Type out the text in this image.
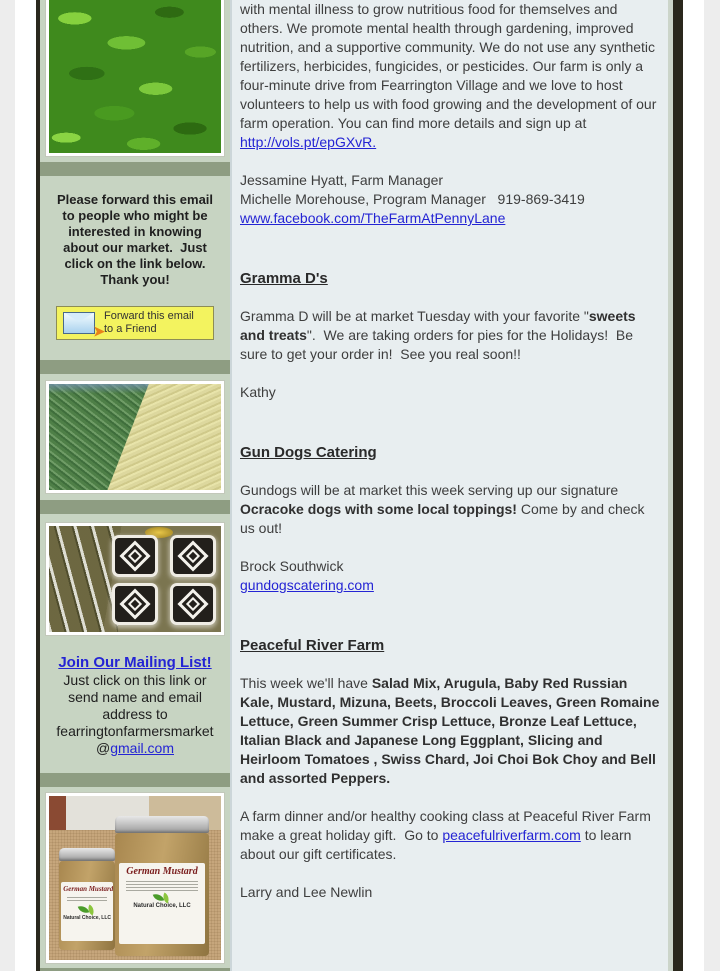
Please forward this email to people who might be interested in knowing about our market.  Just click on the link below.  Thank you!
➤
Forward this email
to a Friend
Join Our Mailing List!
Just click on this link or send name and email address to fearringtonfarmersmarket @gmail.com
German Mustard
Natural Choice, LLC
German Mustard
Natural Choice, LLC
with mental illness to grow nutritious food for themselves and others. We promote mental health through gardening, improved nutrition, and a supportive community. We do not use any synthetic fertilizers, herbicides, fungicides, or pesticides. Our farm is only a four-minute drive from Fearrington Village and we love to host volunteers to help us with food growing and the development of our farm operation. You can find more details and sign up at http://vols.pt/epGXvR.
Jessamine Hyatt, Farm Manager
Michelle Morehouse, Program Manager   919-869-3419
www.facebook.com/TheFarmAtPennyLane
Gramma D's
Gramma D will be at market Tuesday with your favorite "sweets and treats".  We are taking orders for pies for the Holidays!  Be sure to get your order in!  See you real soon!!
Kathy
Gun Dogs Catering
Gundogs will be at market this week serving up our signature Ocracoke dogs with some local toppings! Come by and check us out!
Brock Southwick
gundogscatering.com
Peaceful River Farm
This week we'll have Salad Mix, Arugula, Baby Red Russian Kale, Mustard, Mizuna, Beets, Broccoli Leaves, Green Romaine Lettuce, Green Summer Crisp Lettuce, Bronze Leaf Lettuce, Italian Black and Japanese Long Eggplant, Slicing and Heirloom Tomatoes , Swiss Chard, Joi Choi Bok Choy and Bell and assorted Peppers.
A farm dinner and/or healthy cooking class at Peaceful River Farm make a great holiday gift.  Go to peacefulriverfarm.com to learn about our gift certificates.
Larry and Lee Newlin
